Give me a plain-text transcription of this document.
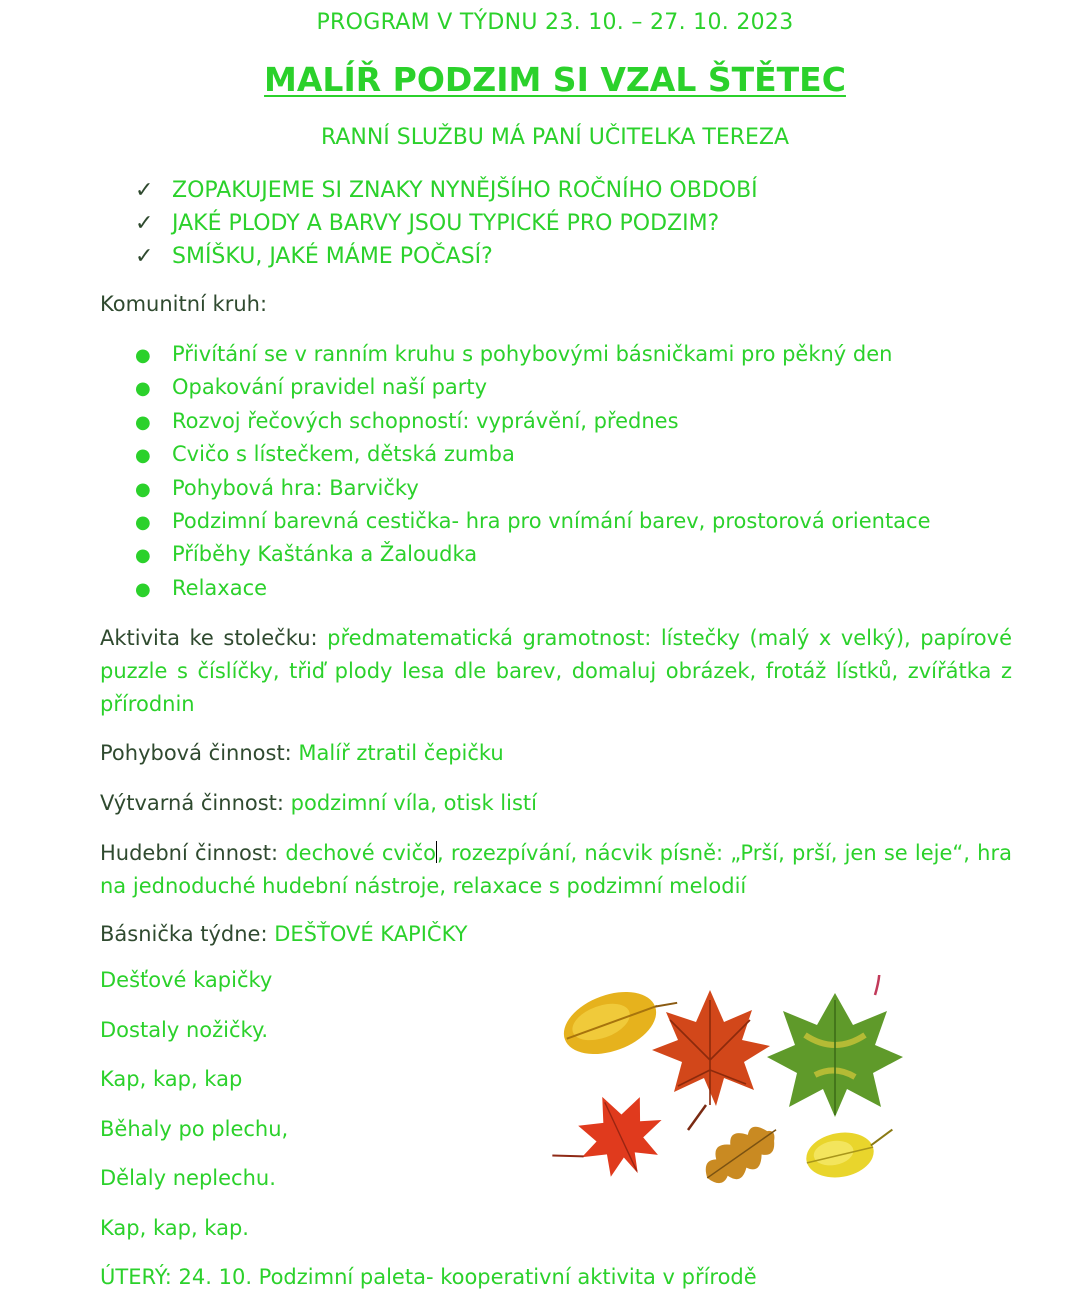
PROGRAM V TÝDNU 23. 10. – 27. 10. 2023
MALÍŘ PODZIM SI VZAL ŠTĚTEC
RANNÍ SLUŽBU MÁ PANÍ UČITELKA TEREZA
✓ ZOPAKUJEME SI ZNAKY NYNĚJŠÍHO ROČNÍHO OBDOBÍ
✓ JAKÉ PLODY A BARVY JSOU TYPICKÉ PRO PODZIM?
✓ SMÍŠKU, JAKÉ MÁME POČASÍ?
Komunitní kruh:
● Přivítání se v ranním kruhu s pohybovými básničkami pro pěkný den
● Opakování pravidel naší party
● Rozvoj řečových schopností: vyprávění, přednes
● Cvičo s lístečkem, dětská zumba
● Pohybová hra: Barvičky
● Podzimní barevná cestička- hra pro vnímání barev, prostorová orientace
● Příběhy Kaštánka a Žaloudka
● Relaxace
Aktivita ke stolečku: předmatematická gramotnost: lístečky (malý x velký), papírové puzzle s číslíčky, třiď plody lesa dle barev, domaluj obrázek, frotáž lístků, zvířátka z přírodnin
Pohybová činnost: Malíř ztratil čepičku
Výtvarná činnost: podzimní víla, otisk listí
Hudební činnost: dechové cvičo, rozezpívání, nácvik písně: „Prší, prší, jen se leje“, hra na jednoduché hudební nástroje, relaxace s podzimní melodií
Básnička týdne: DEŠŤOVÉ KAPIČKY
Dešťové kapičky
Dostaly nožičky.
Kap, kap, kap
Běhaly po plechu,
Dělaly neplechu.
Kap, kap, kap.
ÚTERÝ: 24. 10. Podzimní paleta- kooperativní aktivita v přírodě
